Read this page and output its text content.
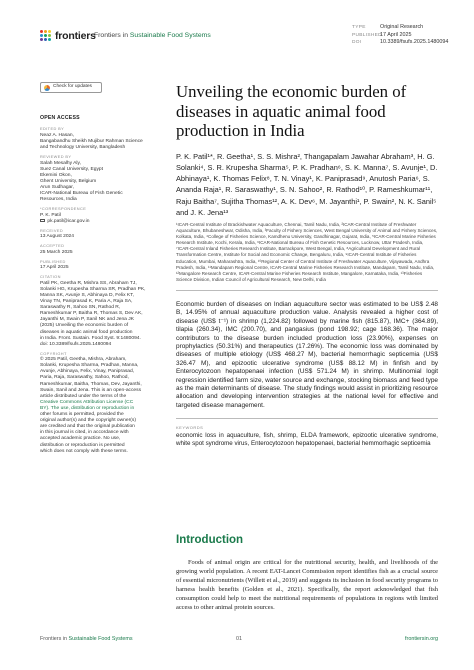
frontiers
Frontiers in Sustainable Food Systems
TYPE	Original Research
PUBLISHED17 April 2025
DOI	10.3389/fsufs.2025.1480094
Check for updates
OPEN ACCESS
EDITED BY
Neaz A. Hasan,
Bangabandhu Sheikh Mujibur Rahman Science
and Technology University, Bangladesh
REVIEWED BY
Salah Mesalhy Aly,
Suez Canal University, Egypt
Ekemini Okon,
Ghent University, Belgium
Arun Sudhagar,
ICAR-National Bureau of Fish Genetic
Resources, India
*CORRESPONDENCE
P. K. Patil
pk.patil@icar.gov.in
RECEIVED
13 August 2024
ACCEPTED
25 March 2025
PUBLISHED
17 April 2025
CITATION
Patil PK, Geetha R, Mishra SS, Abraham TJ,
Solanki HG, Krupesha Sharma SR, Pradhan PK,
Manna SK, Avunje S, Abhinaya D, Felix KT,
Vinay TN, Paniprasad K, Paria A, Raja SA,
Saraswathy R, Sahoo SN, Rathod R,
Rameshkumar P, Baitha R, Thomas S, Dev AK,
Jayanthi M, Swain P, Sanil NK and Jena JK
(2025) Unveiling the economic burden of
diseases in aquatic animal food production
in India. Front. Sustain. Food Syst. 9:1480094.
doi: 10.3389/fsufs.2025.1480094
COPYRIGHT
© 2025 Patil, Geetha, Mishra, Abraham,
Solanki, Krupesha Sharma, Pradhan, Manna,
Avunje, Abhinaya, Felix, Vinay, Paniprasad,
Paria, Raja, Saraswathy, Sahoo, Rathod,
Rameshkumar, Baitha, Thomas, Dev, Jayanthi,
Swain, Sanil and Jena. This is an open-access
article distributed under the terms of the
Creative Commons Attribution License (CC
BY). The use, distribution or reproduction in
other forums is permitted, provided the
original author(s) and the copyright owner(s)
are credited and that the original publication
in this journal is cited, in accordance with
accepted academic practice. No use,
distribution or reproduction is permitted
which does not comply with these terms.
Unveiling the economic burden of diseases in aquatic animal food production in India
P. K. Patil¹*, R. Geetha¹, S. S. Mishra², Thangapalam Jawahar Abraham³, H. G. Solanki⁴, S. R. Krupesha Sharma⁵, P. K. Pradhan⁶, S. K. Manna⁷, S. Avunje¹, D. Abhinaya¹, K. Thomas Felix⁸, T. N. Vinay¹, K. Paniprasad⁹, Anutosh Paria⁶, S. Ananda Raja¹, R. Saraswathy¹, S. N. Sahoo², R. Rathod¹⁰, P. Rameshkumar¹¹, Raju Baitha⁷, Sujitha Thomas¹², A. K. Dev⁶, M. Jayanthi¹, P. Swain², N. K. Sanil⁵ and J. K. Jena¹³
¹ICAR-Central Institute of Brackishwater Aquaculture, Chennai, Tamil Nadu, India, ²ICAR-Central Institute of Freshwater Aquaculture, Bhubaneshwar, Odisha, India, ³Faculty of Fishery Sciences, West Bengal University of Animal and Fishery Sciences, Kolkata, India, ⁴College of Fisheries Science, Kamdhenu University, Gandhinagar, Gujarat, India, ⁵ICAR-Central Marine Fisheries Research Institute, Kochi, Kerala, India, ⁶ICAR-National Bureau of Fish Genetic Resources, Lucknow, Uttar Pradesh, India, ⁷ICAR-Central Inland Fisheries Research Institute, Barrackpore, West Bengal, India, ⁸Agricultural Development and Rural Transformation Centre, Institute for Social and Economic Change, Bengaluru, India, ⁹ICAR-Central Institute of Fisheries Education, Mumbai, Maharashtra, India, ¹⁰Regional Center of Central Institute of Freshwater Aquaculture, Vijayawada, Andhra Pradesh, India, ¹¹Mandapam Regional Centre, ICAR-Central Marine Fisheries Research Institute, Mandapam, Tamil Nadu, India, ¹²Mangalore Research Centre, ICAR-Central Marine Fisheries Research Institute, Mangalore, Karnataka, India, ¹³Fisheries Science Division, Indian Council of Agricultural Research, New Delhi, India

Economic burden of diseases on Indian aquaculture sector was estimated to be US$ 2.48 B, 14.95% of annual aquaculture production value. Analysis revealed a higher cost of disease (US$ t⁻¹) in shrimp (1,224.82) followed by marine fish (815.87), IMC+ (364.89), tilapia (260.34), IMC (200.70), and pangasius (pond 198.92; cage 168.36). The major contributors to the disease burden included production loss (23.90%), expenses on prophylactics (50.31%) and therapeutics (17.26%). The economic loss was dominated by diseases of multiple etiology (US$ 468.27 M), bacterial hemorrhagic septicemia (US$ 326.47 M), and epizootic ulcerative syndrome (US$ 88.12 M) in finfish and by Enterocytozoon hepatopenaei infection (US$ 571.24 M) in shrimp. Multinomial logit regression identified farm size, water source and exchange, stocking biomass and feed type as the main determinants of disease. The study findings would assist in prioritizing resource allocation and developing intervention strategies at the national level for effective and targeted disease management.

KEYWORDS
economic loss in aquaculture, fish, shrimp, ELDA framework, epizootic ulcerative syndrome, white spot syndrome virus, Enterocytozoon hepatopenaei, bacterial hemmorhagic septicemia
Introduction

Foods of animal origin are critical for the nutritional security, health, and livelihoods of the growing world population. A recent EAT-Lancet Commission report identifies fish as a crucial source of essential micronutrients (Willett et al., 2019) and suggests its inclusion in food security programs to harness health benefits (Golden et al., 2021). Specifically, the report acknowledged that fish consumption could help to meet the nutritional requirements of populations in regions with limited access to other animal protein sources.

Frontiers in Sustainable Food Systems	01	frontiersin.org
